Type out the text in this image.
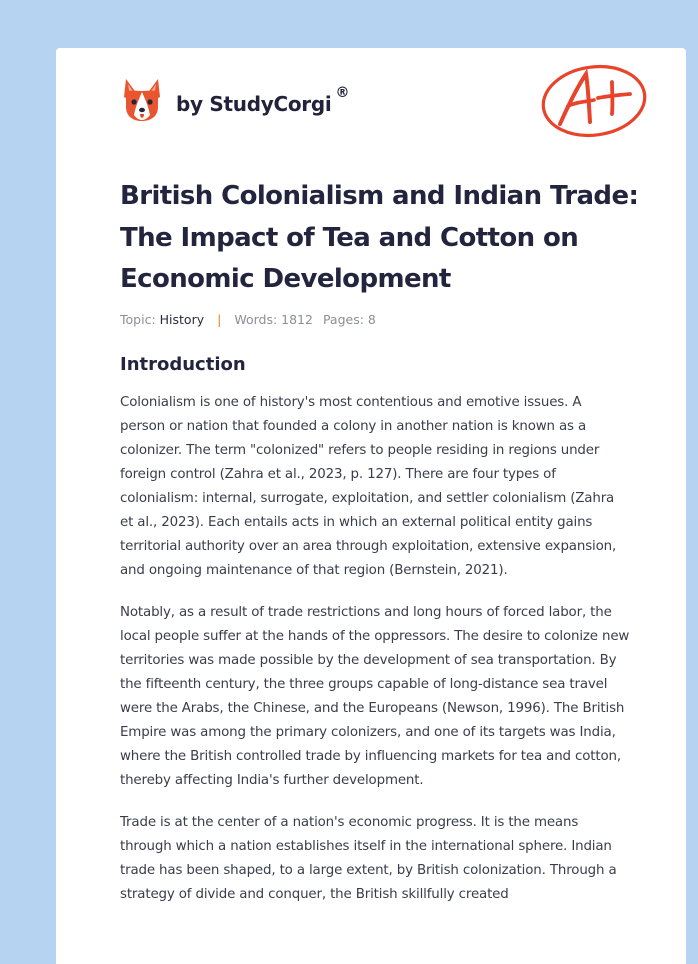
by StudyCorgi ®
British Colonialism and Indian Trade: The Impact of Tea and Cotton on Economic Development
Topic: History | Words: 1812 Pages: 8
Introduction

Colonialism is one of history's most contentious and emotive issues. A person or nation that founded a colony in another nation is known as a colonizer. The term "colonized" refers to people residing in regions under foreign control (Zahra et al., 2023, p. 127). There are four types of colonialism: internal, surrogate, exploitation, and settler colonialism (Zahra et al., 2023). Each entails acts in which an external political entity gains territorial authority over an area through exploitation, extensive expansion, and ongoing maintenance of that region (Bernstein, 2021).

Notably, as a result of trade restrictions and long hours of forced labor, the local people suffer at the hands of the oppressors. The desire to colonize new territories was made possible by the development of sea transportation. By the fifteenth century, the three groups capable of long-distance sea travel were the Arabs, the Chinese, and the Europeans (Newson, 1996). The British Empire was among the primary colonizers, and one of its targets was India, where the British controlled trade by influencing markets for tea and cotton, thereby affecting India's further development.

Trade is at the center of a nation's economic progress. It is the means through which a nation establishes itself in the international sphere. Indian trade has been shaped, to a large extent, by British colonization. Through a strategy of divide and conquer, the British skillfully created
